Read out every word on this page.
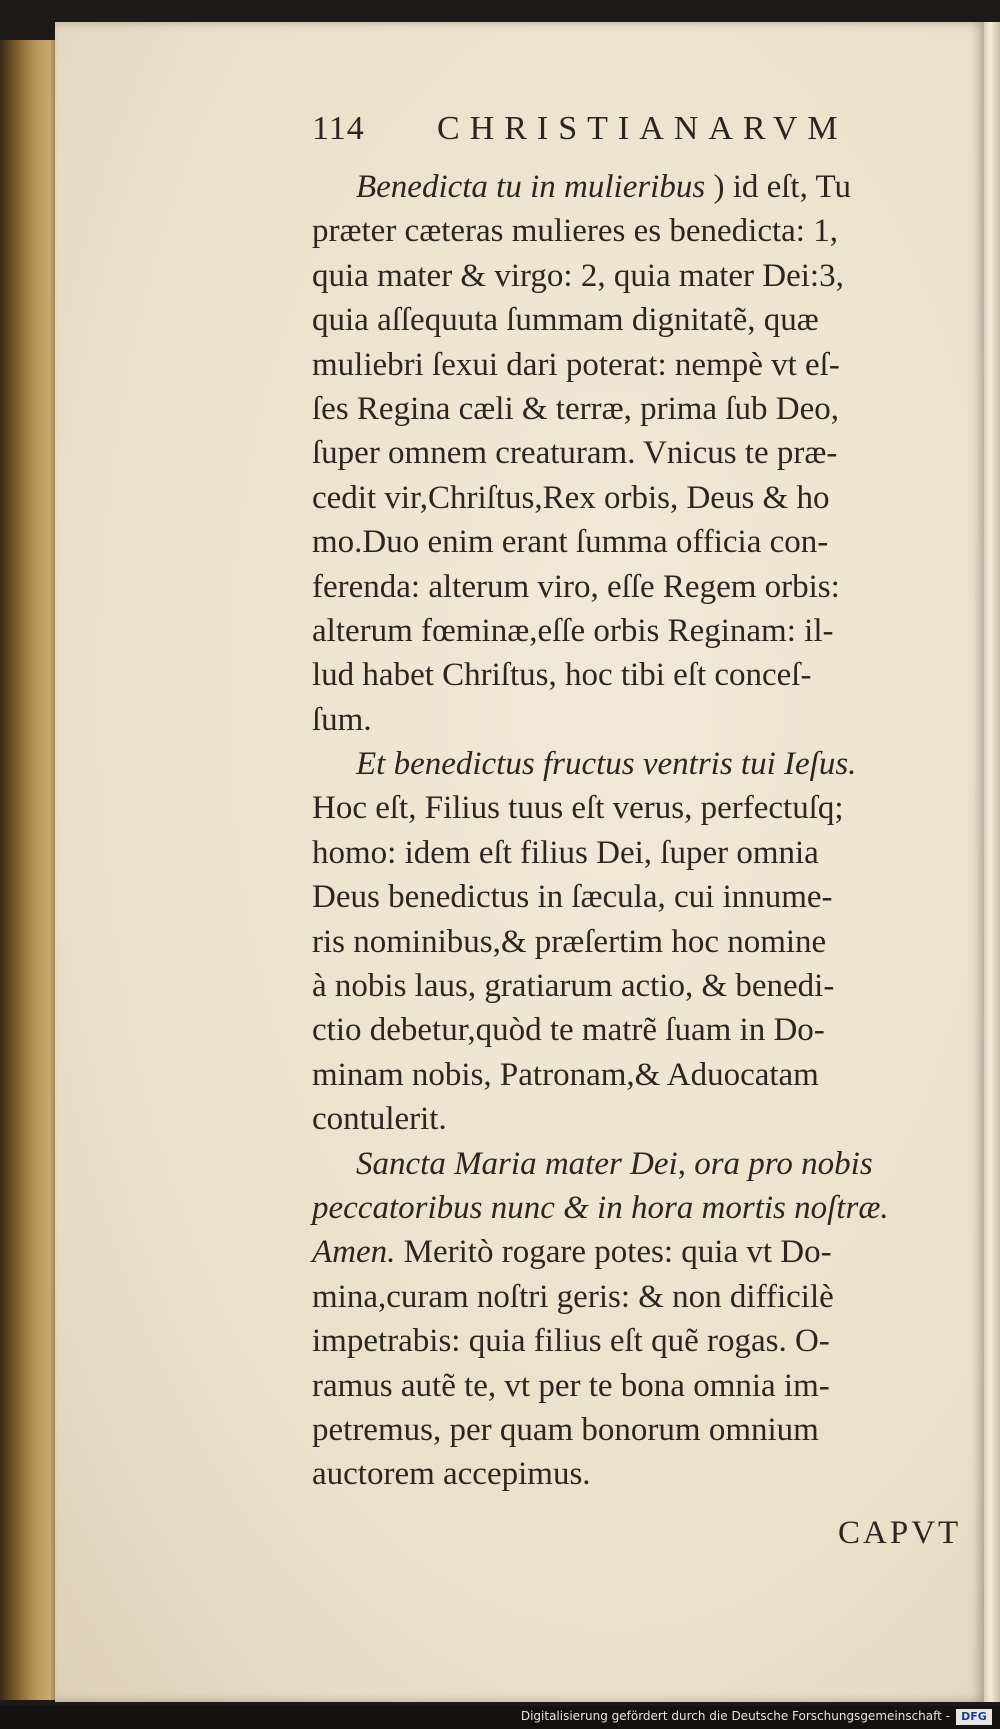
114 CHRISTIANARVM
Benedicta tu in mulieribus ) id eſt, Tu
præter cæteras mulieres es benedicta: 1,
quia mater & virgo: 2, quia mater Dei:3,
quia aſſequuta ſummam dignitatẽ, quæ
muliebri ſexui dari poterat: nempè vt eſ-
ſes Regina cæli & terræ, prima ſub Deo,
ſuper omnem creaturam. Vnicus te præ-
cedit vir,Chriſtus,Rex orbis, Deus & ho
mo.Duo enim erant ſumma officia con-
ferenda: alterum viro, eſſe Regem orbis:
alterum fœminæ,eſſe orbis Reginam: il-
lud habet Chriſtus, hoc tibi eſt conceſ-
ſum.
Et benedictus fructus ventris tui Ieſus.
Hoc eſt, Filius tuus eſt verus, perfectuſq;
homo: idem eſt filius Dei, ſuper omnia
Deus benedictus in ſæcula, cui innume-
ris nominibus,& præſertim hoc nomine
à nobis laus, gratiarum actio, & benedi-
ctio debetur,quòd te matrẽ ſuam in Do-
minam nobis, Patronam,& Aduocatam
contulerit.
Sancta Maria mater Dei, ora pro nobis
peccatoribus nunc & in hora mortis noſtræ.
Amen. Meritò rogare potes: quia vt Do-
mina,curam noſtri geris: & non difficilè
impetrabis: quia filius eſt quẽ rogas. O-
ramus autẽ te, vt per te bona omnia im-
petremus, per quam bonorum omnium
auctorem accepimus.
CAPVT
Digitalisierung gefördert durch die Deutsche Forschungsgemeinschaft -	DFG
